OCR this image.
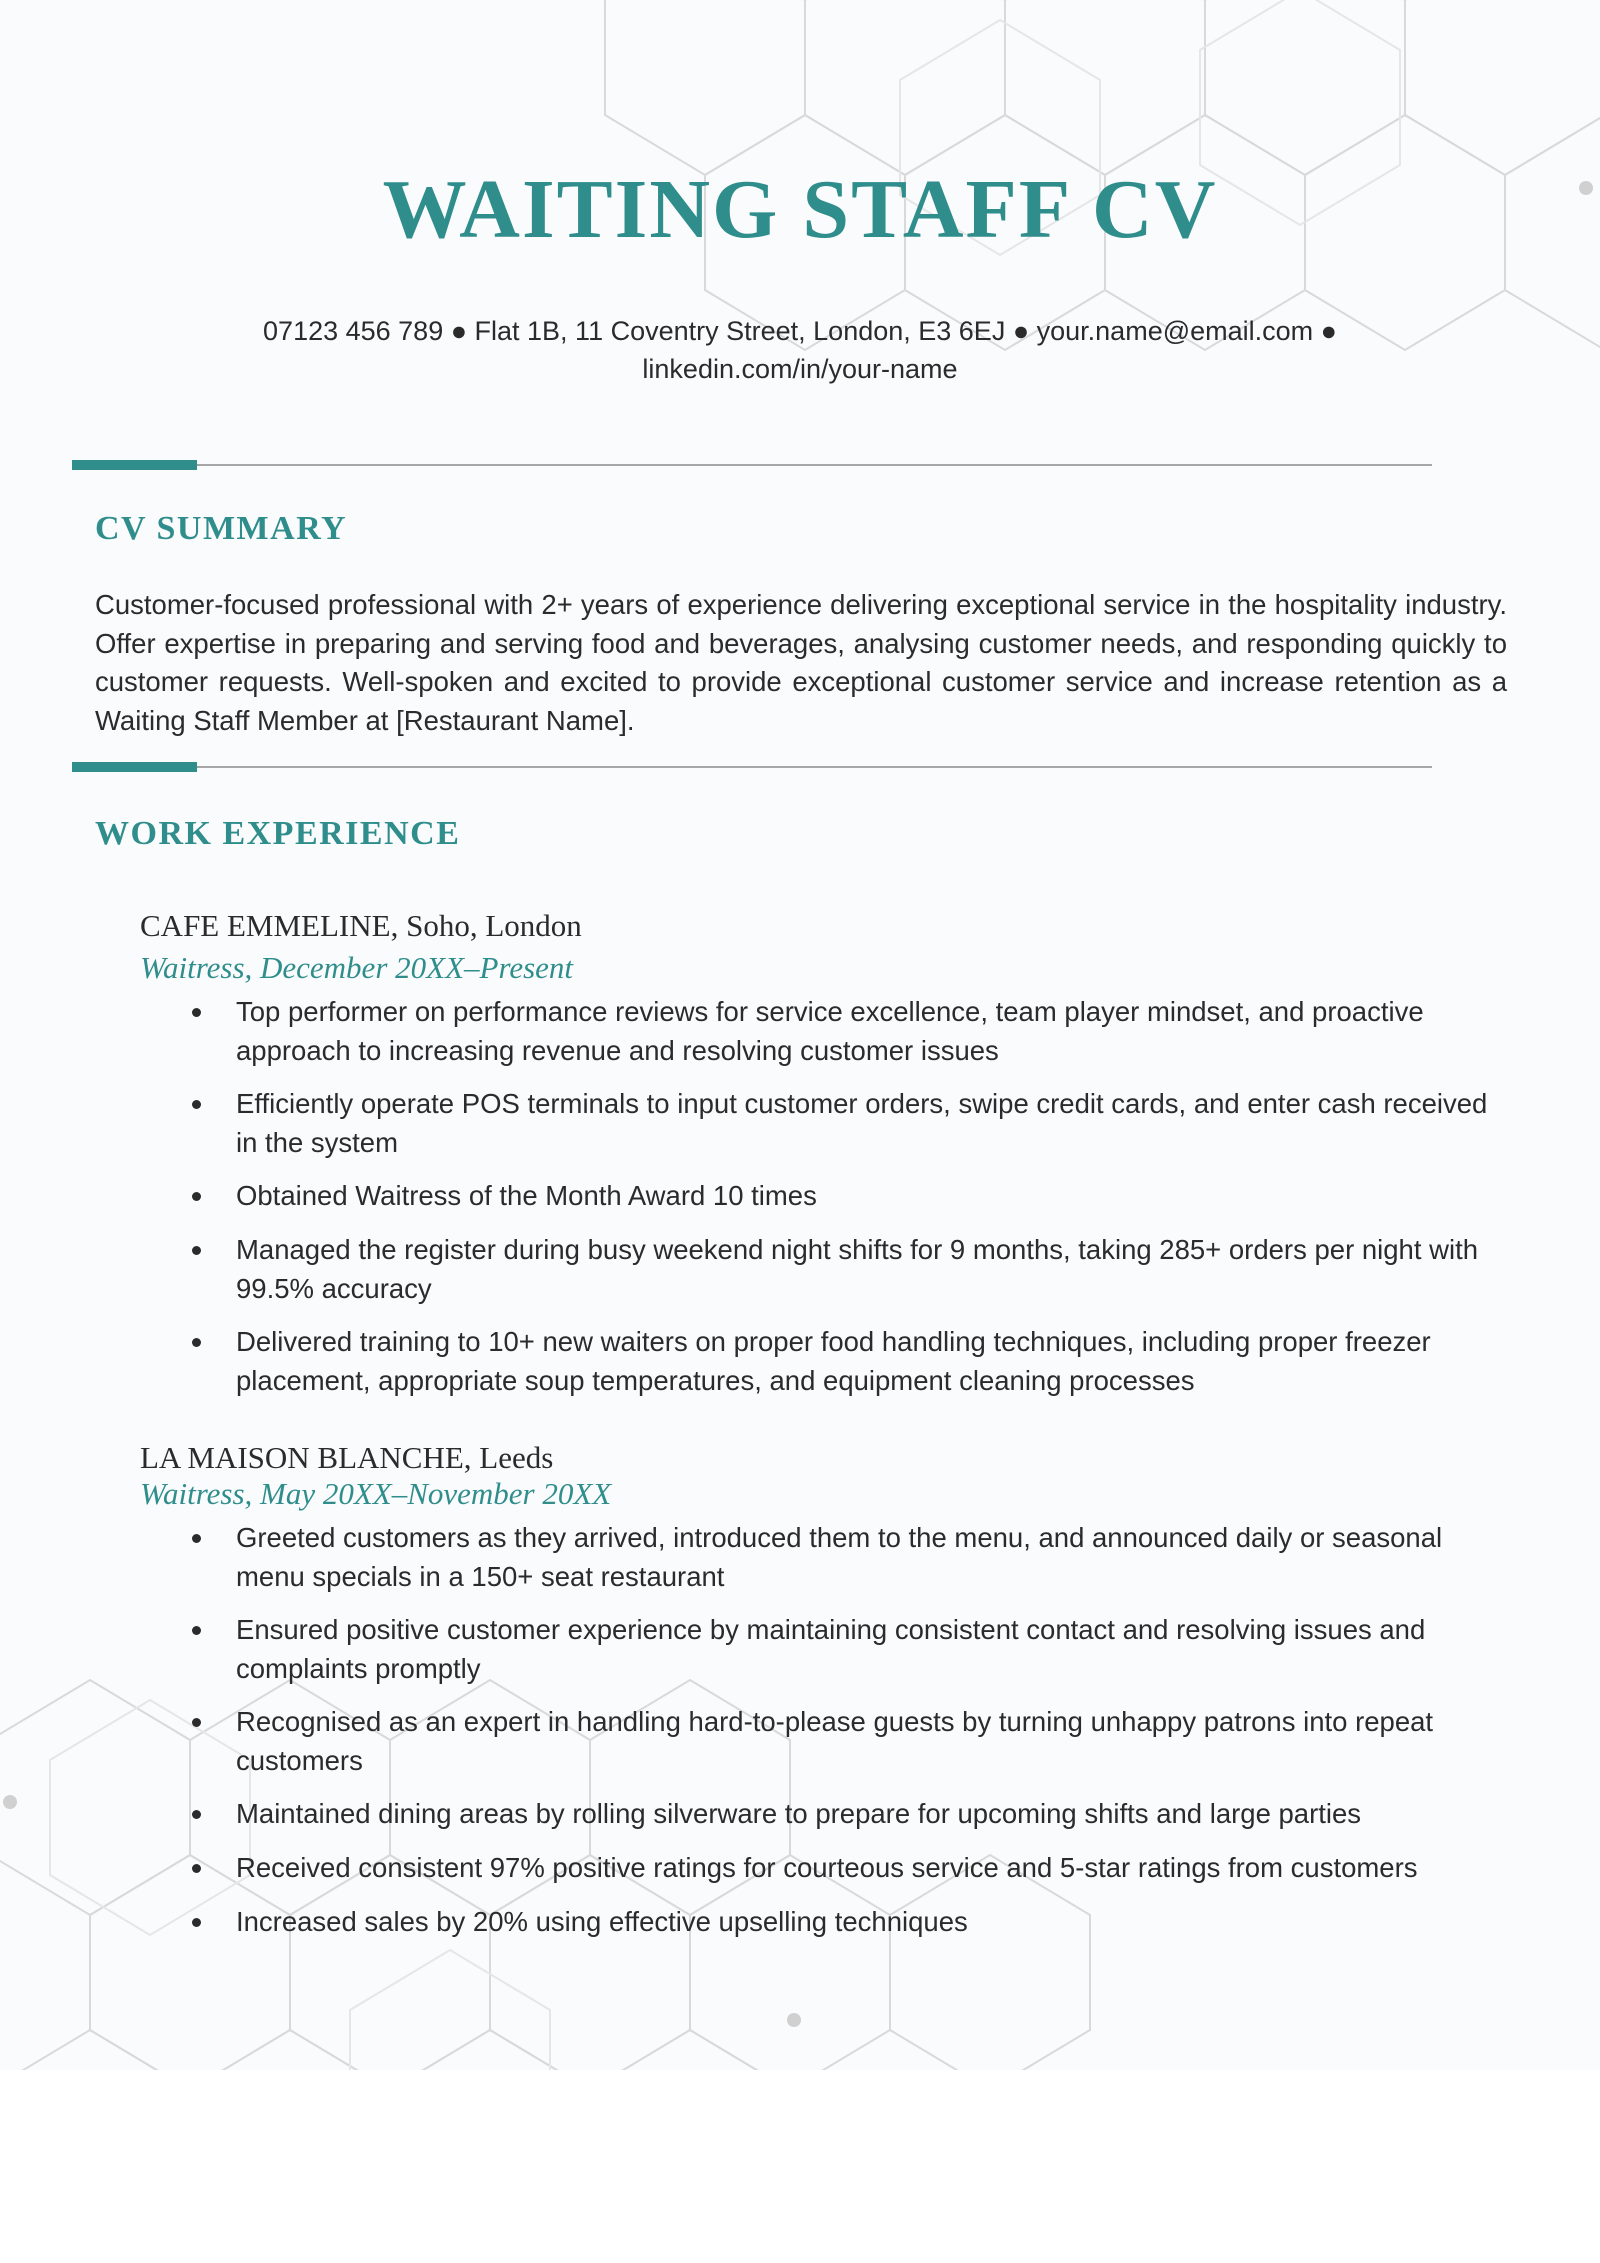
WAITING STAFF CV
07123 456 789 ● Flat 1B, 11 Coventry Street, London, E3 6EJ ● your.name@email.com ●
linkedin.com/in/your-name
CV SUMMARY

Customer-focused professional with 2+ years of experience delivering exceptional service in the hospitality industry. Offer expertise in preparing and serving food and beverages, analysing customer needs, and responding quickly to customer requests. Well-spoken and excited to provide exceptional customer service and increase retention as a Waiting Staff Member at [Restaurant Name].

WORK EXPERIENCE
CAFE EMMELINE, Soho, London
Waitress, December 20XX–Present
Top performer on performance reviews for service excellence, team player mindset, and proactive approach to increasing revenue and resolving customer issues
Efficiently operate POS terminals to input customer orders, swipe credit cards, and enter cash received in the system
Obtained Waitress of the Month Award 10 times
Managed the register during busy weekend night shifts for 9 months, taking 285+ orders per night with 99.5% accuracy
Delivered training to 10+ new waiters on proper food handling techniques, including proper freezer placement, appropriate soup temperatures, and equipment cleaning processes
LA MAISON BLANCHE, Leeds
Waitress, May 20XX–November 20XX
Greeted customers as they arrived, introduced them to the menu, and announced daily or seasonal menu specials in a 150+ seat restaurant
Ensured positive customer experience by maintaining consistent contact and resolving issues and complaints promptly
Recognised as an expert in handling hard-to-please guests by turning unhappy patrons into repeat customers
Maintained dining areas by rolling silverware to prepare for upcoming shifts and large parties
Received consistent 97% positive ratings for courteous service and 5-star ratings from customers
Increased sales by 20% using effective upselling techniques
